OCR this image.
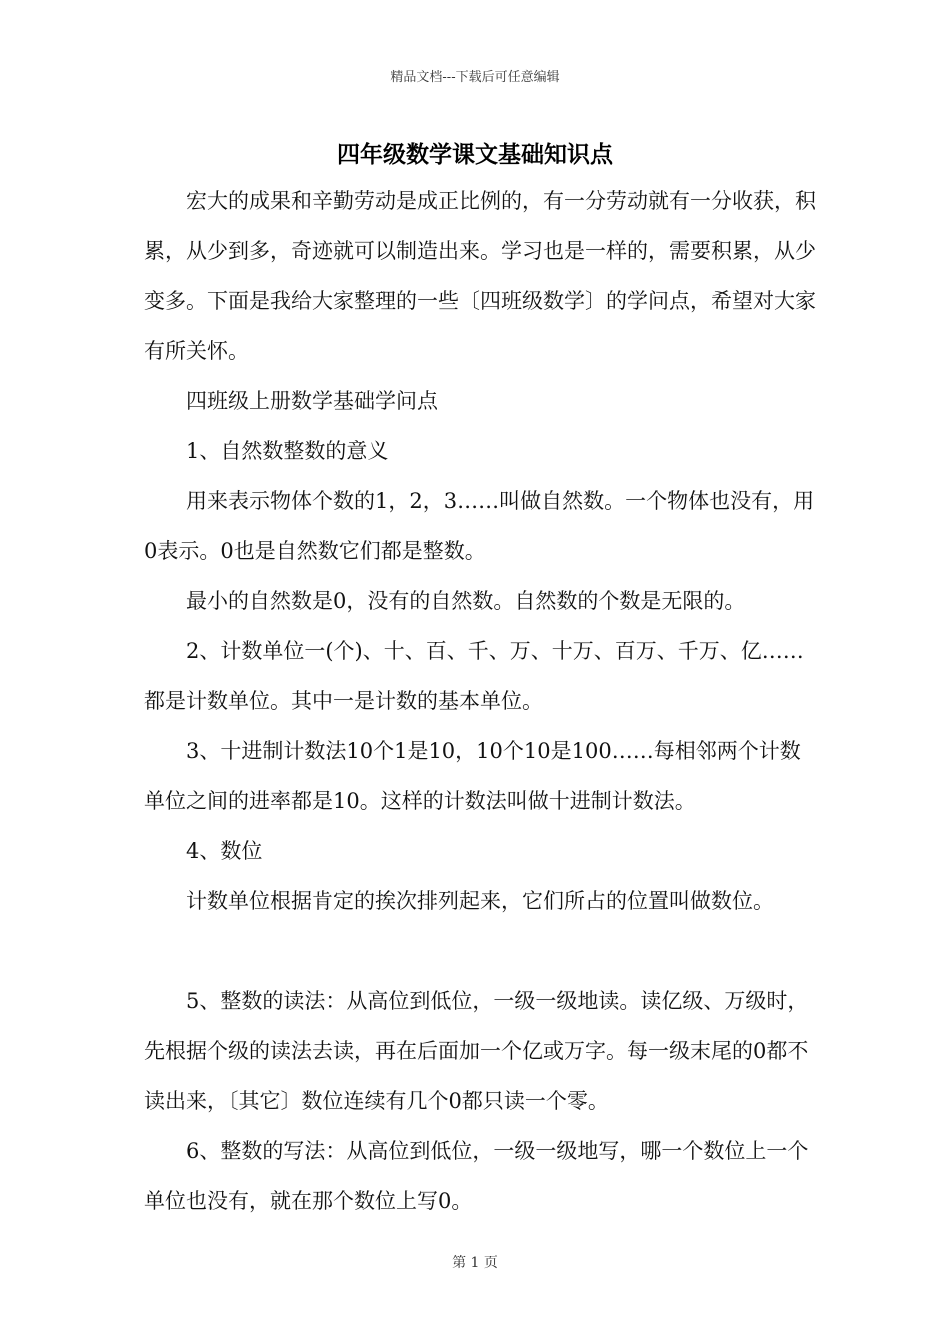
精品文档---下载后可任意编辑
四年级数学课文基础知识点

宏大的成果和辛勤劳动是成正比例的，有一分劳动就有一分收获，积累，从少到多，奇迹就可以制造出来。学习也是一样的，需要积累，从少变多。下面是我给大家整理的一些〔四班级数学〕的学问点，希望对大家有所关怀。

四班级上册数学基础学问点

1、自然数整数的意义

用来表示物体个数的1，2，3……叫做自然数。一个物体也没有，用0表示。0也是自然数它们都是整数。

最小的自然数是0，没有的自然数。自然数的个数是无限的。

2、计数单位一(个)、十、百、千、万、十万、百万、千万、亿……都是计数单位。其中一是计数的基本单位。

3、十进制计数法10个1是10，10个10是100……每相邻两个计数单位之间的进率都是10。这样的计数法叫做十进制计数法。

4、数位

计数单位根据肯定的挨次排列起来，它们所占的位置叫做数位。

5、整数的读法：从高位到低位，一级一级地读。读亿级、万级时，先根据个级的读法去读，再在后面加一个亿或万字。每一级末尾的0都不读出来，〔其它〕数位连续有几个0都只读一个零。

6、整数的写法：从高位到低位，一级一级地写，哪一个数位上一个单位也没有，就在那个数位上写0。

第 1 页
